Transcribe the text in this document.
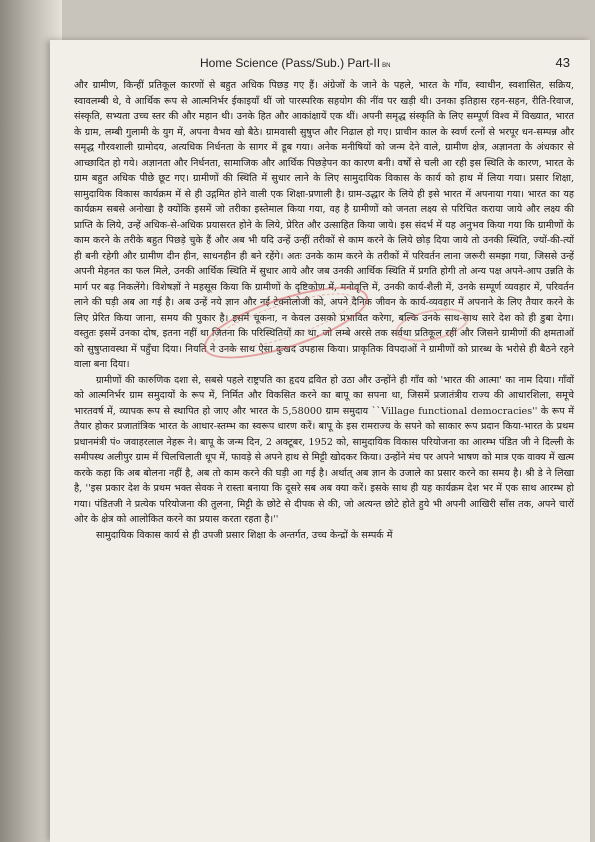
Home Science (Pass/Sub.) Part-II BN	43

और ग्रामीण, किन्हीं प्रतिकूल कारणों से बहुत अधिक पिछड़ गए हैं। अंग्रेजों के जाने के पहले, भारत के गाँव, स्वाधीन, स्वशासित, सक्रिय, स्वावलम्बी थे, वे आर्थिक रूप से आत्मनिर्भर ईकाइयाँ थीं जो पारस्परिक सहयोग की नींव पर खड़ी थी। उनका इतिहास रहन-सहन, रीति-रिवाज, संस्कृति, सभ्यता उच्च स्तर की और महान थी। उनके हित और आकांक्षायें एक थीं। अपनी समृद्ध संस्कृति के लिए सम्पूर्ण विश्व में विख्यात, भारत के ग्राम, लम्बी गुलामी के युग में, अपना वैभव खो बैठे। ग्रामवासी सुषुप्त और निढाल हो गए। प्राचीन काल के स्वर्ण रत्नों से भरपूर धन-सम्पन्न और समृद्ध गौरवशाली ग्रामोदय, अत्यधिक निर्धनता के सागर में डूब गया। अनेक मनीषियों को जन्म देने वाले, ग्रामीण क्षेत्र, अज्ञानता के अंधकार से आच्छादित हो गये। अज्ञानता और निर्धनता, सामाजिक और आर्थिक पिछड़ेपन का कारण बनी। वर्षों से चली आ रही इस स्थिति के कारण, भारत के ग्राम बहुत अधिक पीछे छूट गए। ग्रामीणों की स्थिति में सुधार लाने के लिए सामुदायिक विकास के कार्य को हाथ में लिया गया। प्रसार शिक्षा, सामुदायिक विकास कार्यक्रम में से ही उद्गमित होने वाली एक शिक्षा-प्रणाली है। ग्राम-उद्धार के लिये ही इसे भारत में अपनाया गया। भारत का यह कार्यक्रम सबसे अनोखा है क्योंकि इसमें जो तरीका इस्तेमाल किया गया, वह है ग्रामीणों को जनता लक्ष्य से परिचित कराया जाये और लक्ष्य की प्राप्ति के लिये, उन्हें अधिक-से-अधिक प्रयासरत होने के लिये, प्रेरित और उत्साहित किया जाये। इस संदर्भ में यह अनुभव किया गया कि ग्रामीणों के काम करने के तरीके बहुत पिछड़े चुके हैं और अब भी यदि उन्हें उन्हीं तरीकों से काम करने के लिये छोड़ दिया जाये तो उनकी स्थिति, ज्यों-की-त्यों ही बनी रहेगी और ग्रामीण दीन हीन, साधनहीन ही बने रहेंगे। अतः उनके काम करने के तरीकों में परिवर्तन लाना जरूरी समझा गया, जिससे उन्हें अपनी मेहनत का फल मिले, उनकी आर्थिक स्थिति में सुधार आये और जब उनकी आर्थिक स्थिति में प्रगति होगी तो अन्य पक्ष अपने-आप उन्नति के मार्ग पर बढ़ निकलेंगे। विशेषज्ञों ने महसूस किया कि ग्रामीणों के दृष्टिकोण में, मनोवृत्ति में, उनकी कार्य-शैली में, उनके सम्पूर्ण व्यवहार में, परिवर्तन लाने की घड़ी अब आ गई है। अब उन्हें नये ज्ञान और नई टेक्नोलोजी को, अपने दैनिक जीवन के कार्य-व्यवहार में अपनाने के लिए तैयार करने के लिए प्रेरित किया जाना, समय की पुकार है। इसमें चूकना, न केवल उसको प्रभावित करेगा, बल्कि उनके साथ-साथ सारे देश को ही डुबा देगा। वस्तुतः इसमें उनका दोष, इतना नहीं था जितना कि परिस्थितियों का था, जो लम्बे अरसे तक सर्वथा प्रतिकूल रहीं और जिसने ग्रामीणों की क्षमताओं को सुषुप्तावस्था में पहुँचा दिया। नियति ने उनके साथ ऐसा दुःखद उपहास किया। प्राकृतिक विपदाओं ने ग्रामीणों को प्रारब्ध के भरोसे ही बैठने रहने वाला बना दिया।

ग्रामीणों की कारुणिक दशा से, सबसे पहले राष्ट्रपति का हृदय द्रवित हो उठा और उन्होंने ही गाँव को 'भारत की आत्मा' का नाम दिया। गाँवों को आत्मनिर्भर ग्राम समुदायों के रूप में, निर्मित और विकसित करने का बापू का सपना था, जिसमें प्रजातंत्रीय राज्य की आधारशिला, समूचे भारतवर्ष में, व्यापक रूप से स्थापित हो जाए और भारत के 5,58000 ग्राम समुदाय ``Village functional democracies'' के रूप में तैयार होकर प्रजातांत्रिक भारत के आधार-स्तम्भ का स्वरूप धारण करें। बापू के इस रामराज्य के सपने को साकार रूप प्रदान किया-भारत के प्रथम प्रधानमंत्री पं० जवाहरलाल नेहरू ने। बापू के जन्म दिन, 2 अक्टूबर, 1952 को, सामुदायिक विकास परियोजना का आरम्भ पंडित जी ने दिल्ली के समीपस्थ अलीपुर ग्राम में चिलचिलाती धूप में, फावड़े से अपने हाथ से मिट्टी खोदकर किया। उन्होंने मंच पर अपने भाषण को मात्र एक वाक्य में खत्म करके कहा कि अब बोलना नहीं है, अब तो काम करने की घड़ी आ गई है। अर्थात् अब ज्ञान के उजाले का प्रसार करने का समय है। श्री डे ने लिखा है, ''इस प्रकार देश के प्रथम भक्त सेवक ने रास्ता बनाया कि दूसरे सब अब क्या करें। इसके साथ ही यह कार्यक्रम देश भर में एक साथ आरम्भ हो गया। पंडितजी ने प्रत्येक परियोजना की तुलना, मिट्टी के छोटे से दीपक से की, जो अत्यन्त छोटे होते हुये भी अपनी आखिरी साँस तक, अपने चारों ओर के क्षेत्र को आलोकित करने का प्रयास करता रहता है।''

सामुदायिक विकास कार्य से ही उपजी प्रसार शिक्षा के अन्तर्गत, उच्च केन्द्रों के सम्पर्क में
